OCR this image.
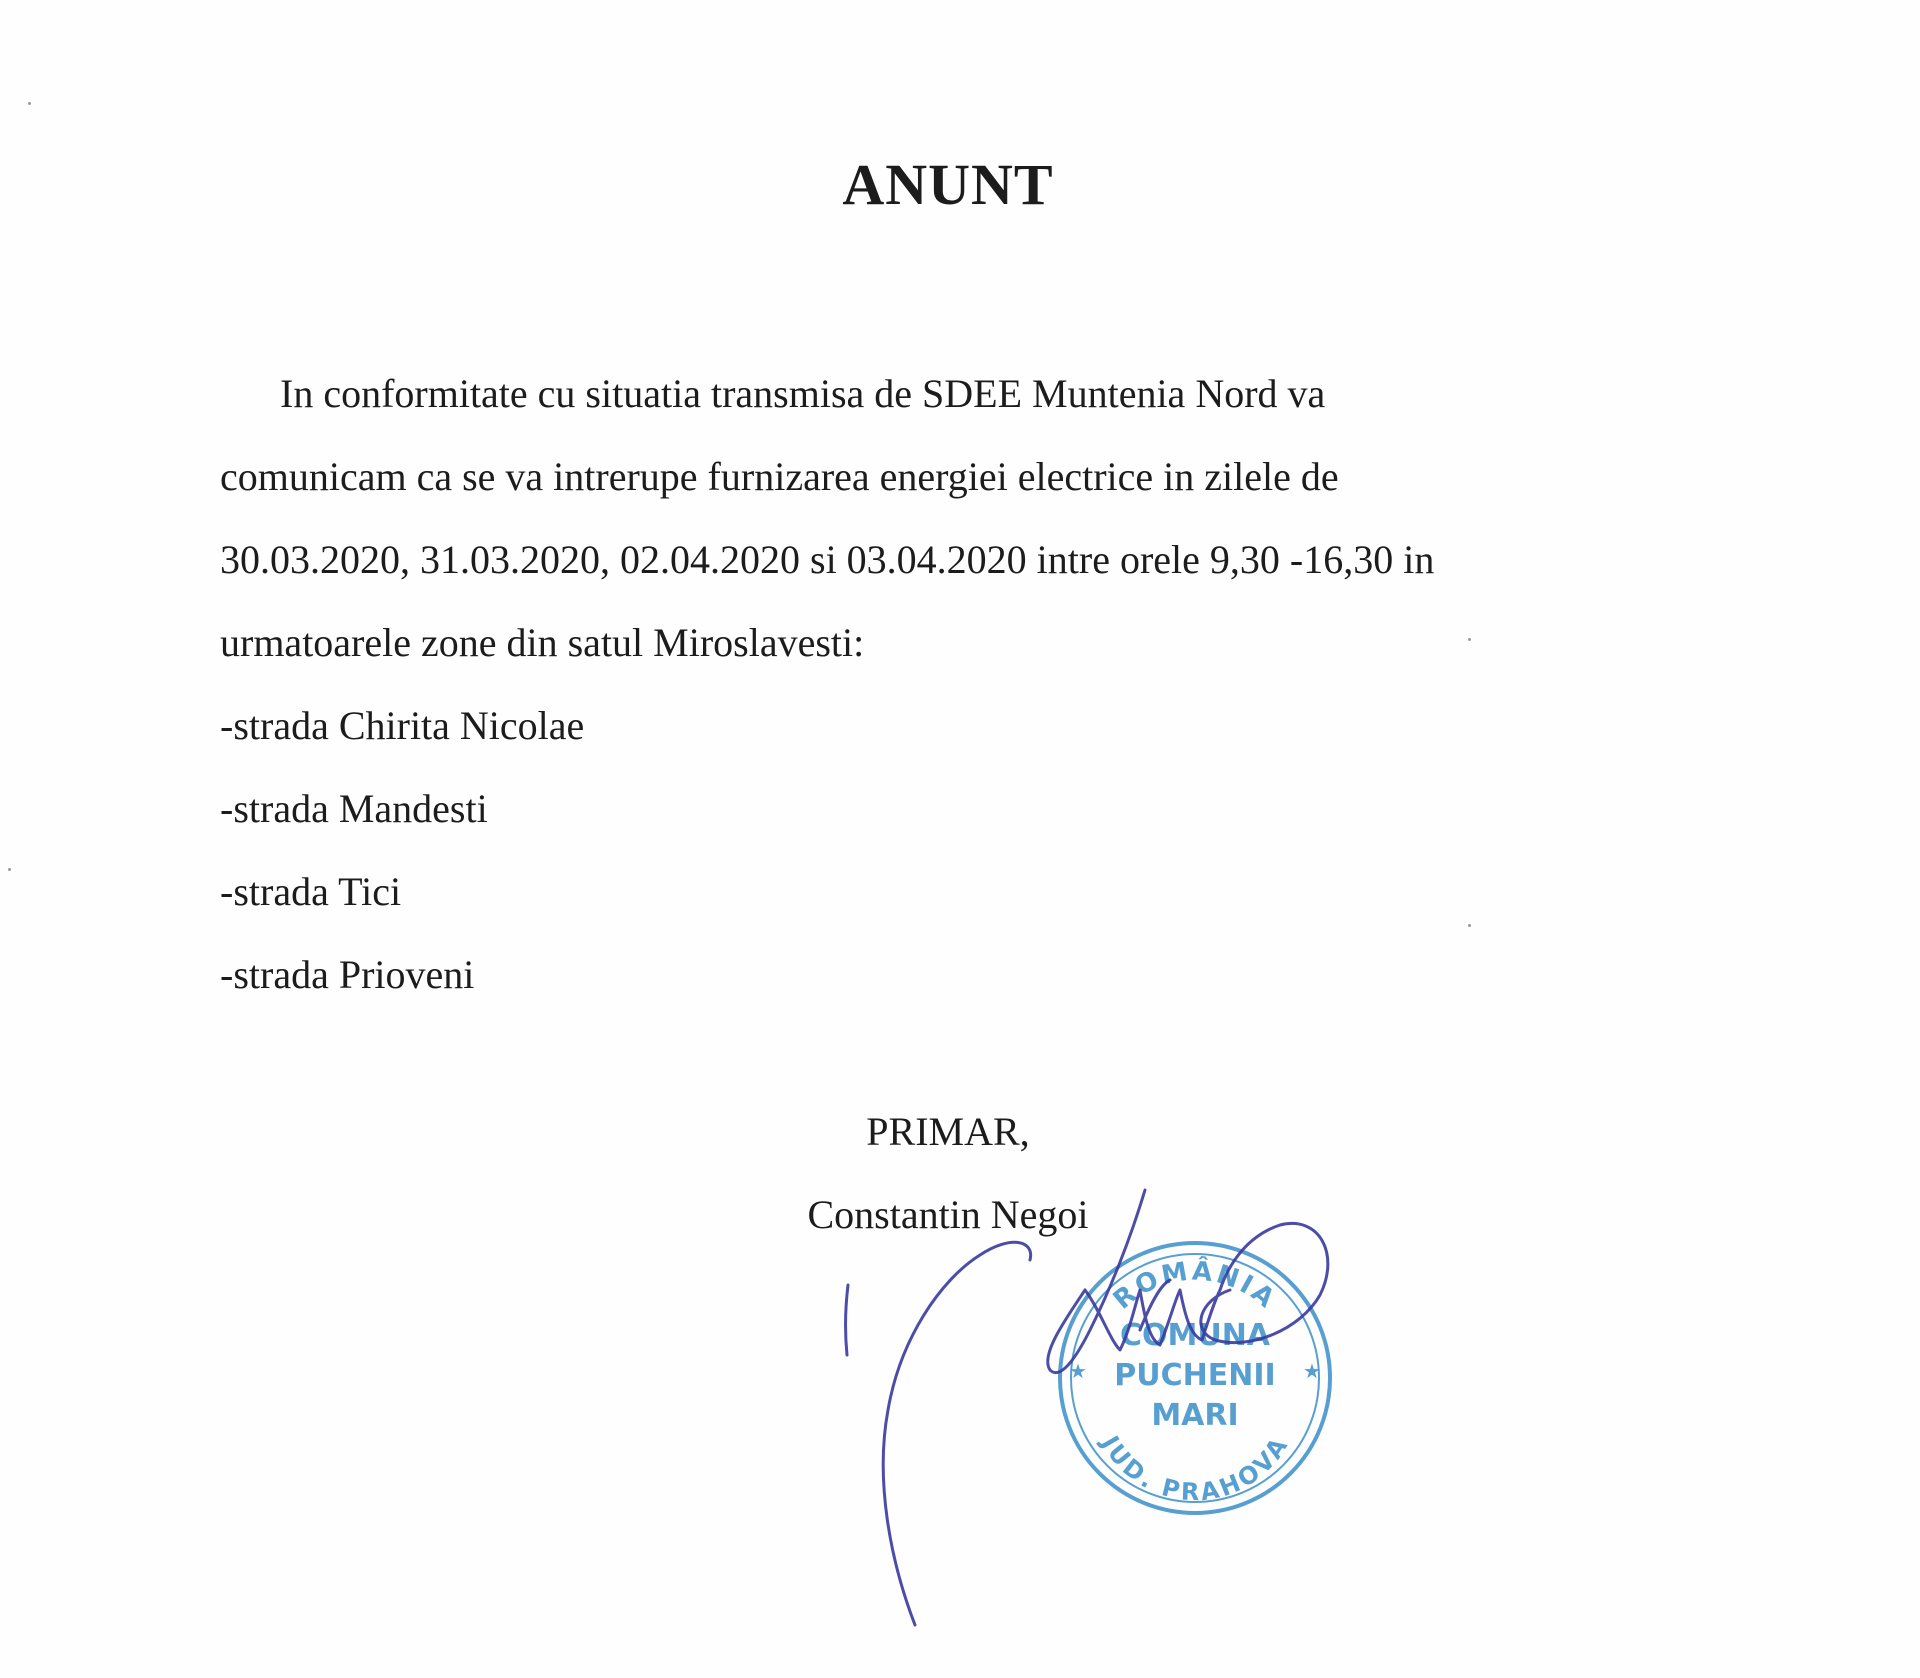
ANUNT

In conformitate cu situatia transmisa de SDEE Muntenia Nord va

comunicam ca se va intrerupe furnizarea energiei electrice in zilele de

30.03.2020, 31.03.2020, 02.04.2020 si 03.04.2020 intre orele 9,30 -16,30 in

urmatoarele zone din satul Miroslavesti:

-strada Chirita Nicolae

-strada Mandesti

-strada Tici

-strada Prioveni

PRIMAR,
Constantin Negoi
ROMÂNIA
JUD. PRAHOVA
COMUNA
PUCHENII
MARI
★	★
